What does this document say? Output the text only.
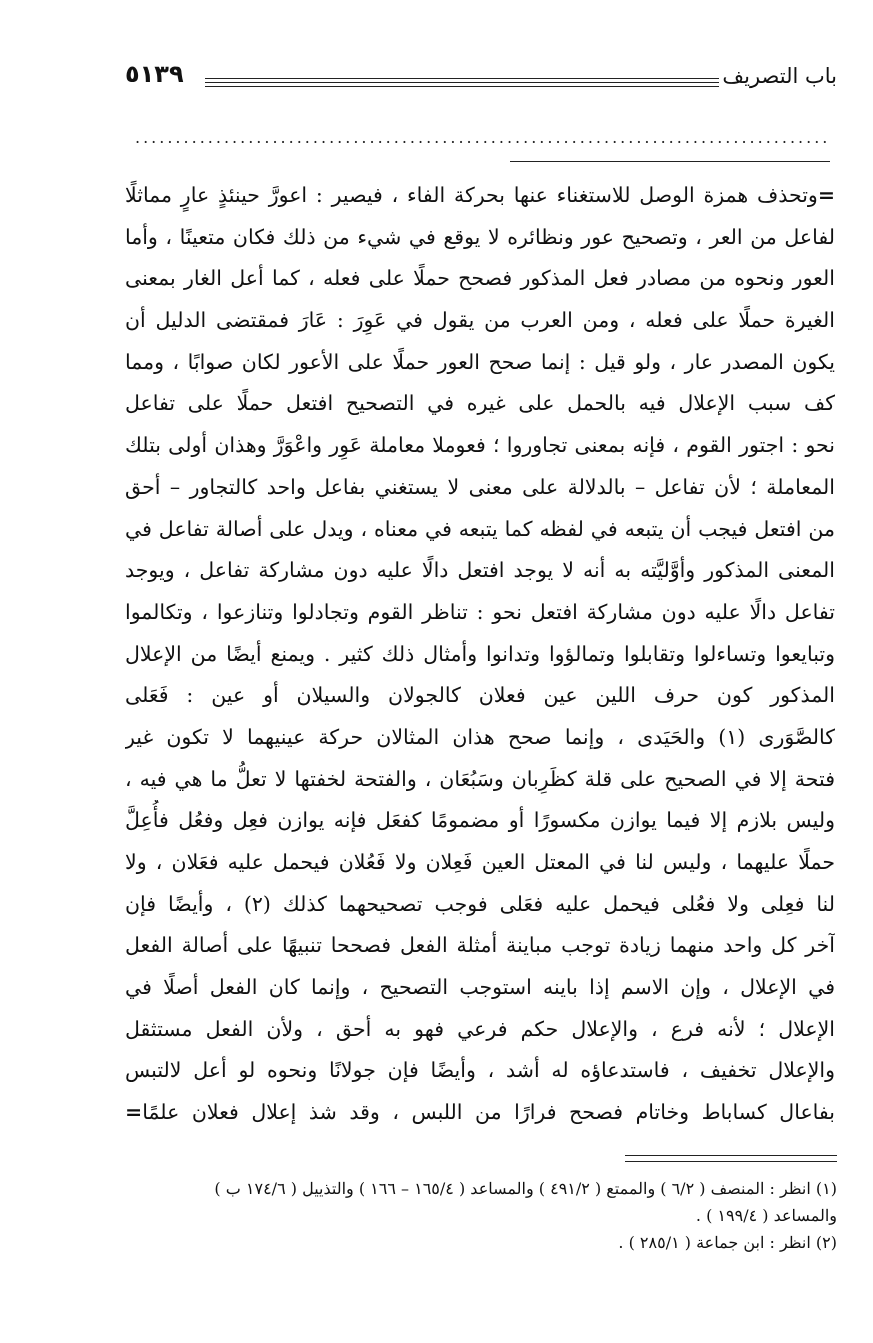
باب التصريف
٥١٣٩
......................................................................................
=وتحذف همزة الوصل للاستغناء عنها بحركة الفاء ، فيصير : اعورَّ حينئذٍ عارٍ مماثلًا
لفاعل من العر ، وتصحيح عور ونظائره لا يوقع في شيء من ذلك فكان متعينًا ، وأما
العور ونحوه من مصادر فعل المذكور فصحح حملًا على فعله ، كما أعل الغار بمعنى
الغيرة حملًا على فعله ، ومن العرب من يقول في عَوِرَ : عَارَ فمقتضى الدليل أن
يكون المصدر عار ، ولو قيل : إنما صحح العور حملًا على الأعور لكان صوابًا ، ومما
كف سبب الإعلال فيه بالحمل على غيره في التصحيح افتعل حملًا على تفاعل
نحو : اجتور القوم ، فإنه بمعنى تجاوروا ؛ فعوملا معاملة عَوِر واعْوَرَّ وهذان أولى بتلك
المعاملة ؛ لأن تفاعل – بالدلالة على معنى لا يستغني بفاعل واحد كالتجاور – أحق
من افتعل فيجب أن يتبعه في لفظه كما يتبعه في معناه ، ويدل على أصالة تفاعل في
المعنى المذكور وأوَّليَّته به أنه لا يوجد افتعل دالًا عليه دون مشاركة تفاعل ، ويوجد
تفاعل دالًا عليه دون مشاركة افتعل نحو : تناظر القوم وتجادلوا وتنازعوا ، وتكالموا
وتبايعوا وتساءلوا وتقابلوا وتمالؤوا وتدانوا وأمثال ذلك كثير . ويمنع أيضًا من الإعلال
المذكور كون حرف اللين عين فعلان كالجولان والسيلان أو عين : فَعَلى
كالصَّوَرى (١) والحَيَدى ، وإنما صحح هذان المثالان حركة عينيهما لا تكون غير
فتحة إلا في الصحيح على قلة كظَرِبان وسَبُعَان ، والفتحة لخفتها لا تعلُّ ما هي فيه ،
وليس بلازم إلا فيما يوازن مكسورًا أو مضمومًا كفعَل فإنه يوازن فعِل وفعُل فأُعِلَّ
حملًا عليهما ، وليس لنا في المعتل العين فَعِلان ولا فَعُلان فيحمل عليه فعَلان ، ولا
لنا فعِلى ولا فعُلى فيحمل عليه فعَلى فوجب تصحيحهما كذلك (٢) ، وأيضًا فإن
آخر كل واحد منهما زيادة توجب مباينة أمثلة الفعل فصححا تنبيهًا على أصالة الفعل
في الإعلال ، وإن الاسم إذا باينه استوجب التصحيح ، وإنما كان الفعل أصلًا في
الإعلال ؛ لأنه فرع ، والإعلال حكم فرعي فهو به أحق ، ولأن الفعل مستثقل
والإعلال تخفيف ، فاستدعاؤه له أشد ، وأيضًا فإن جولانًا ونحوه لو أعل لالتبس
بفاعال كساباط وخاتام فصحح فرارًا من اللبس ، وقد شذ إعلال فعلان علمًا=
(١) انظر : المنصف ( ٦/٢ ) والممتع ( ٤٩١/٢ ) والمساعد ( ١٦٥/٤ – ١٦٦ ) والتذييل ( ١٧٤/٦ ب )
والمساعد ( ١٩٩/٤ ) .
(٢) انظر : ابن جماعة ( ٢٨٥/١ ) .
